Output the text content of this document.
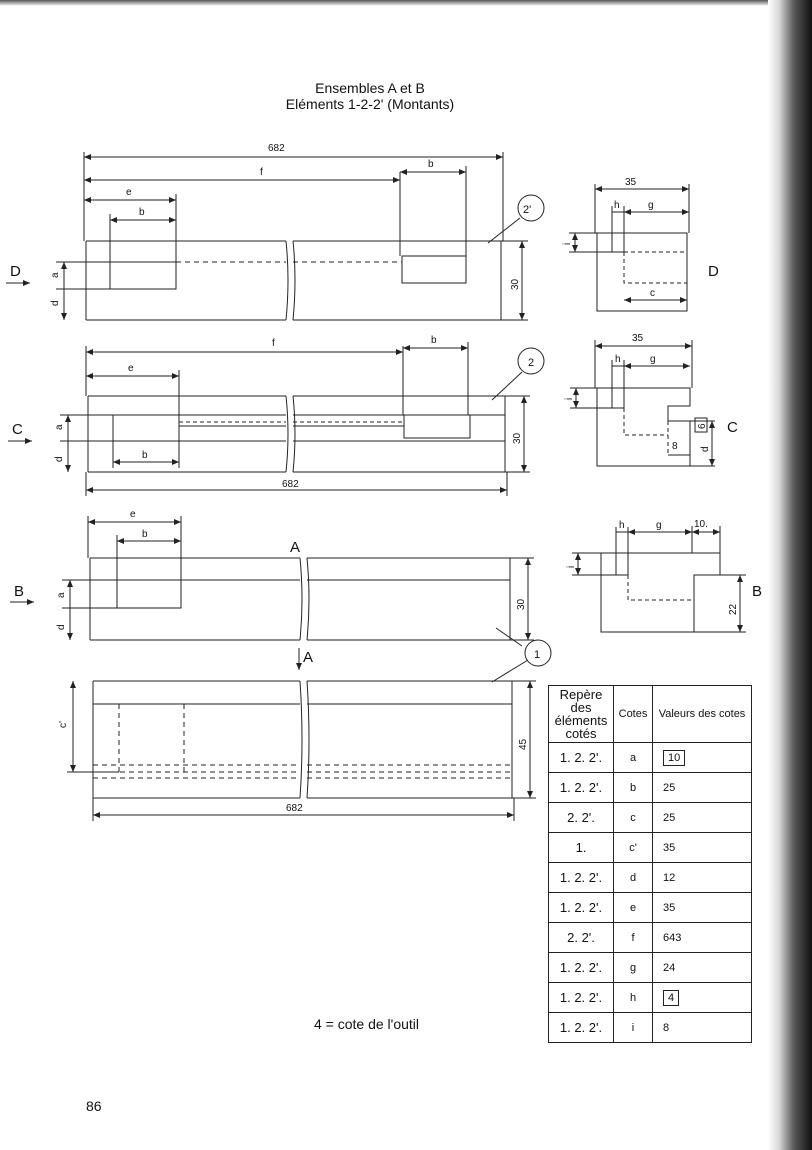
Ensembles A et B
Eléments 1-2-2' (Montants)
D	D
C	C
B	B
A
A
682
f
b
e
b
a
d
30
2'
35
h	g
i
c
f	b
e
b
682
a
d
30
2
35
h	g
i
6
8 d
e
b
a
d
30
h	g	10.
i
22
c'
45
682
1
Repère des éléments cotés	Cotes	Valeurs des cotes
1. 2. 2'.	a	10
1. 2. 2'.	b	25
2. 2'.	c	25
1.	c'	35
1. 2. 2'.	d	12
1. 2. 2'.	e	35
2. 2'.	f	643
1. 2. 2'.	g	24
1. 2. 2'.	h	4
1. 2. 2'.	i	8
4 = cote de l'outil
86
